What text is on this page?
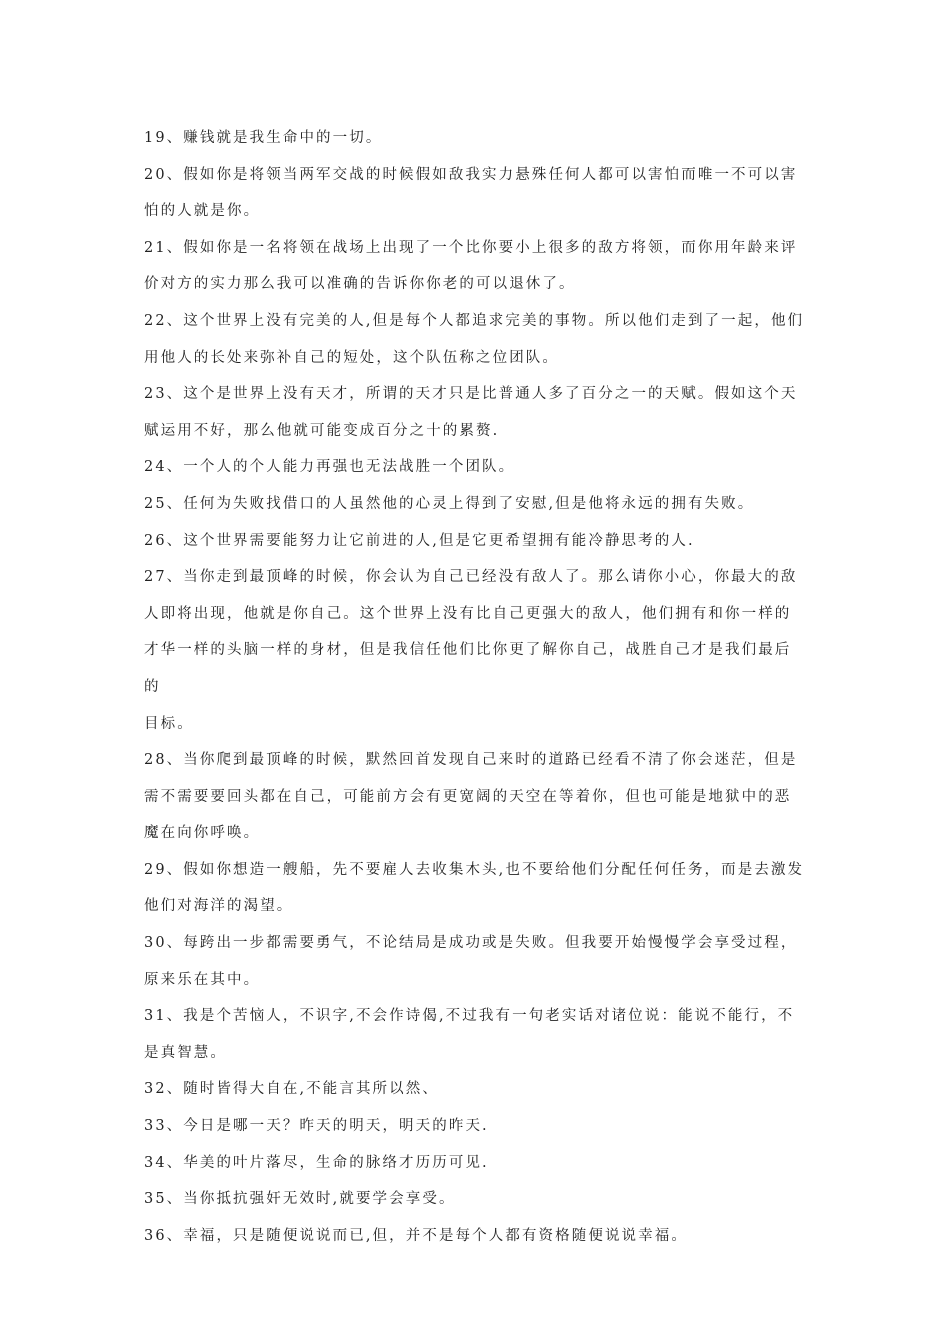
19、赚钱就是我生命中的一切。
20、假如你是将领当两军交战的时候假如敌我实力悬殊任何人都可以害怕而唯一不可以害
怕的人就是你。
21、假如你是一名将领在战场上出现了一个比你要小上很多的敌方将领，而你用年龄来评
价对方的实力那么我可以准确的告诉你你老的可以退休了。
22、这个世界上没有完美的人,但是每个人都追求完美的事物。所以他们走到了一起，他们
用他人的长处来弥补自己的短处，这个队伍称之位团队。
23、这个是世界上没有天才，所谓的天才只是比普通人多了百分之一的天赋。假如这个天
赋运用不好，那么他就可能变成百分之十的累赘.
24、一个人的个人能力再强也无法战胜一个团队。
25、任何为失败找借口的人虽然他的心灵上得到了安慰,但是他将永远的拥有失败。
26、这个世界需要能努力让它前进的人,但是它更希望拥有能冷静思考的人.
27、当你走到最顶峰的时候，你会认为自己已经没有敌人了。那么请你小心，你最大的敌
人即将出现，他就是你自己。这个世界上没有比自己更强大的敌人，他们拥有和你一样的
才华一样的头脑一样的身材，但是我信任他们比你更了解你自己，战胜自己才是我们最后
的
目标。
28、当你爬到最顶峰的时候，默然回首发现自己来时的道路已经看不清了你会迷茫，但是
需不需要要回头都在自己，可能前方会有更宽阔的天空在等着你，但也可能是地狱中的恶
魔在向你呼唤。
29、假如你想造一艘船，先不要雇人去收集木头,也不要给他们分配任何任务，而是去激发
他们对海洋的渴望。
30、每跨出一步都需要勇气，不论结局是成功或是失败。但我要开始慢慢学会享受过程，
原来乐在其中。
31、我是个苦恼人，不识字,不会作诗偈,不过我有一句老实话对诸位说：能说不能行，不
是真智慧。
32、随时皆得大自在,不能言其所以然、
33、今日是哪一天？昨天的明天，明天的昨天.
34、华美的叶片落尽，生命的脉络才历历可见.
35、当你抵抗强奸无效时,就要学会享受。
36、幸福，只是随便说说而已,但，并不是每个人都有资格随便说说幸福。
